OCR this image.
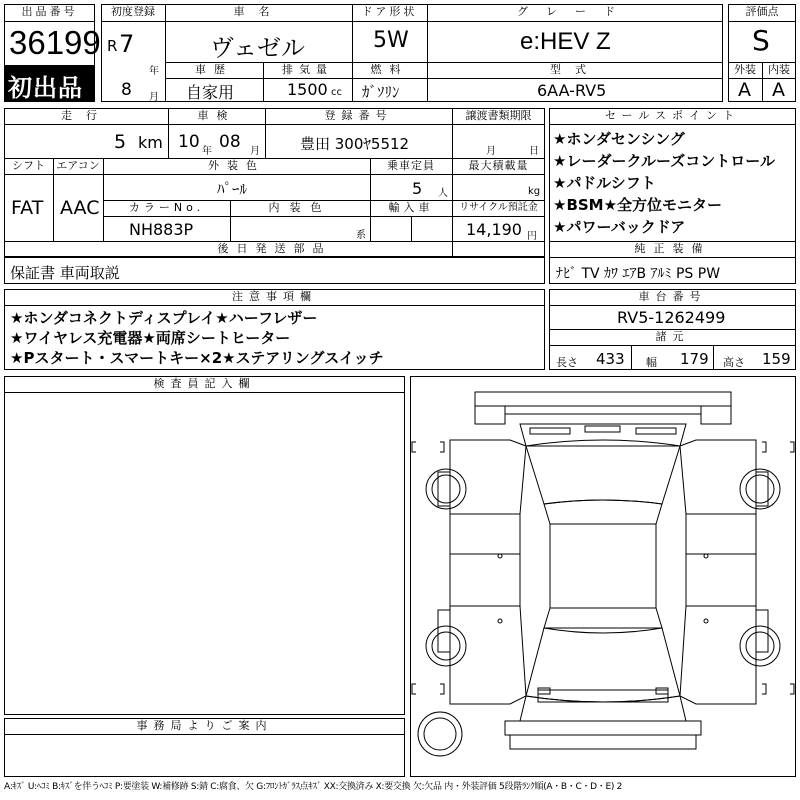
出品番号
36199
初出品
初度登録
R 7
年
8 月
車名
ヴェゼル
ドア形状
5W
グレード
e:HEV Z
車歴
自家用
排気量
1500 cc
燃料
ｶﾞｿﾘﾝ
型式
6AA-RV5
評価点
S
外装	内装
A A
走行
5 km
車検
10 年 08 月
登録番号
豊田 300ﾔ5512
譲渡書類期限
月	日
シフト
FAT
エアコン
AAC
外装色
ﾊﾟｰﾙ
乗車定員
5 人
最大積載量
kg
カラーNo.
NH883P
内装色
系
輸入車	リサイクル預託金
14,190 円
後日発送部品
保証書 車両取説
セールスポイント
★ホンダセンシング
★レーダークルーズコントロール
★パドルシフト
★BSM★全方位モニター
★パワーバックドア
純正装備
ﾅﾋﾞ TV ｶﾜ ｴｱB ｱﾙﾐ PS PW
注意事項欄
★ホンダコネクトディスプレイ★ハーフレザー
★ワイヤレス充電器★両席シートヒーター
★Pスタート・スマートキー×2★ステアリングスイッチ
車台番号
RV5-1262499
諸元
長さ 433 幅 179 高さ 159
検査員記入欄
事務局よりご案内
A:ｷｽﾞ U:ﾍｺﾐ B:ｷｽﾞを伴うﾍｺﾐ P:要塗装 W:補修跡 S:錆 C:腐食、欠 G:ﾌﾛﾝﾄｶﾞﾗｽ点ｷｽﾞ XX:交換済み X:要交換 欠:欠品 内・外装評価 5段階ﾗﾝｸ順(A・B・C・D・E) 2
